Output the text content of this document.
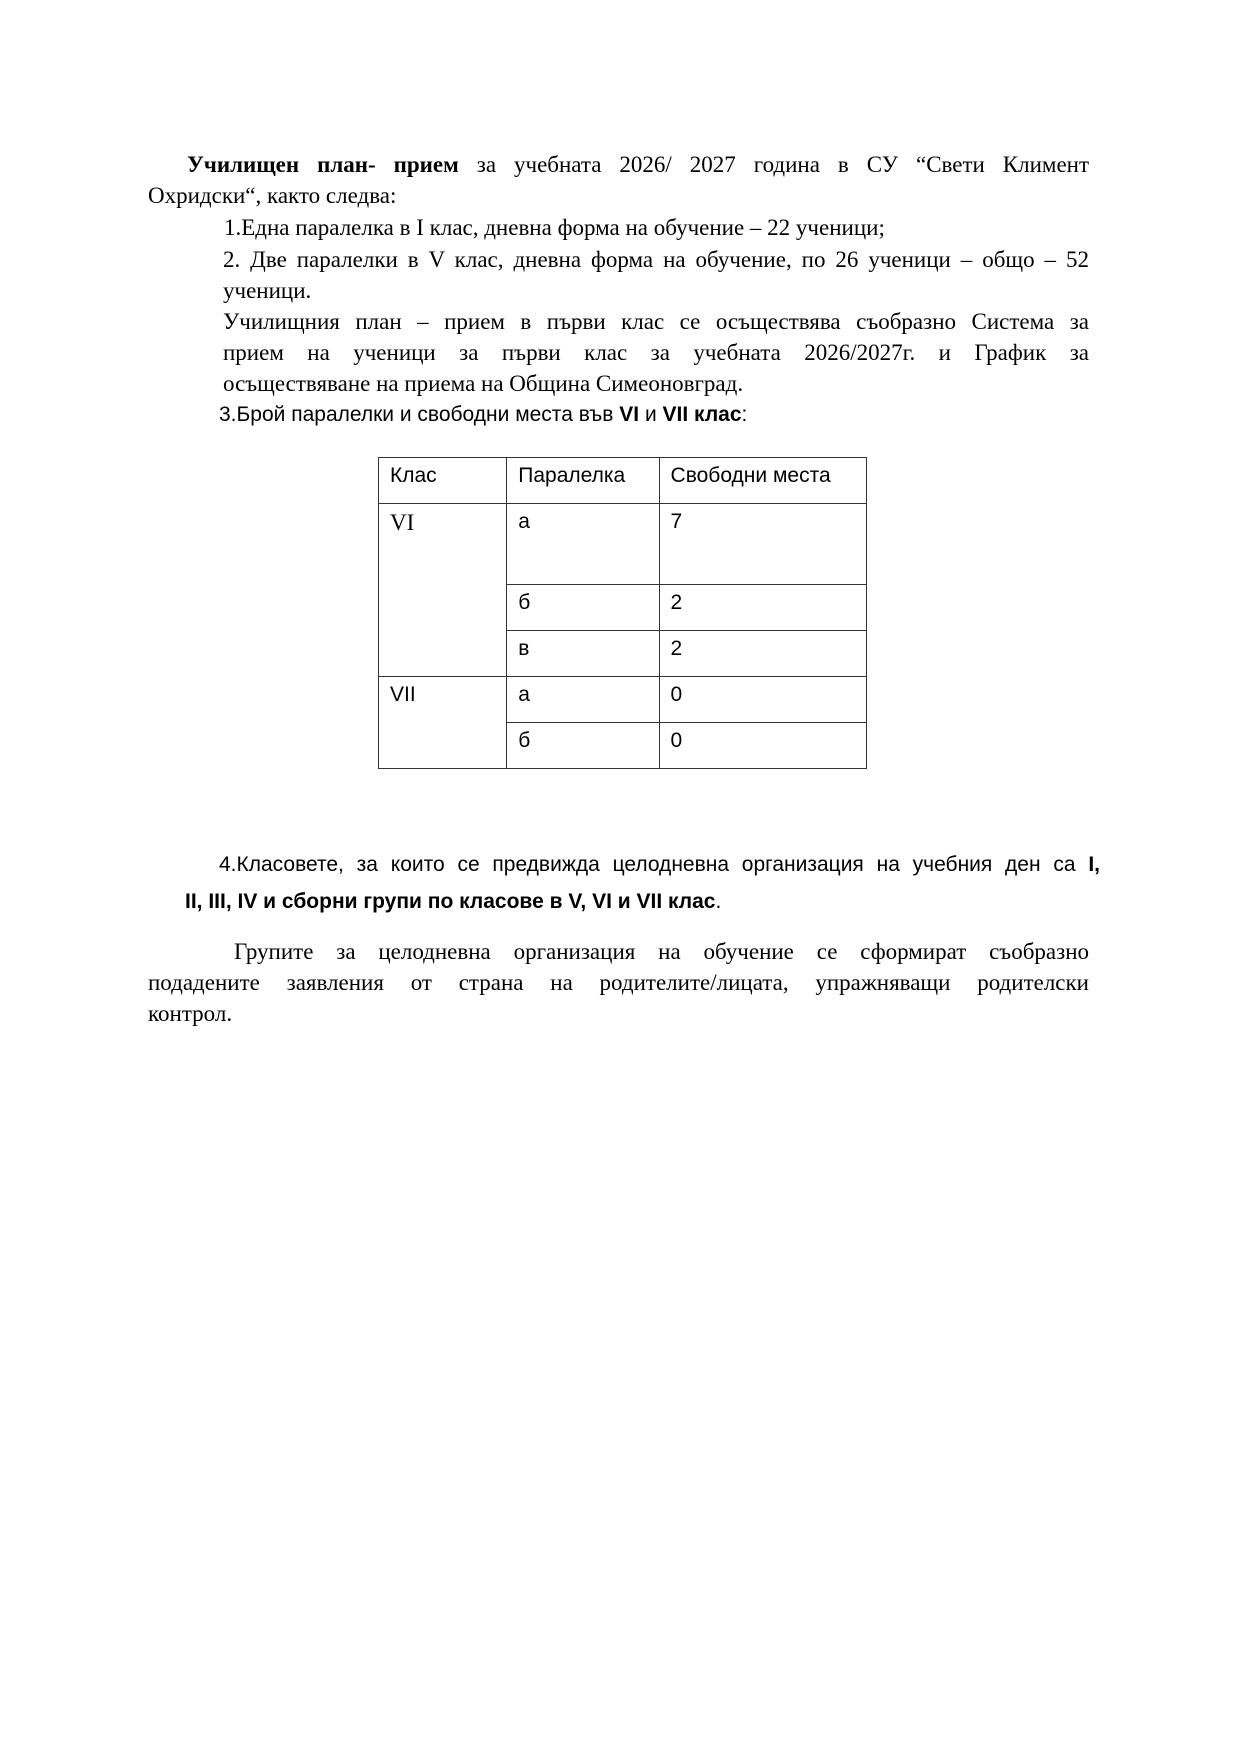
Училищен план- прием за учебната 2026/ 2027 година в СУ “Свети Климент
Охридски“, както следва:
1.Една паралелка в I клас, дневна форма на обучение – 22 ученици;
2. Две паралелки в V клас, дневна форма на обучение, по 26 ученици – общо – 52
ученици.
Училищния план – прием в първи клас се осъществява съобразно Система за
прием на ученици за първи клас за учебната 2026/2027г. и График за
осъществяване на приема на Община Симеоновград.
3.Брой паралелки и свободни места във VI и VII клас:
Клас	Паралелка	Свободни места
VI	а	7
	б	2
	в	2
VII	а	0
	б	0
4.Класовете, за които се предвижда целодневна организация на учебния ден са I,
II, III, IV и сборни групи по класове в V, VI и VII клас.
Групите за целодневна организация на обучение се сформират съобразно
подадените заявления от страна на родителите/лицата, упражняващи родителски
контрол.
